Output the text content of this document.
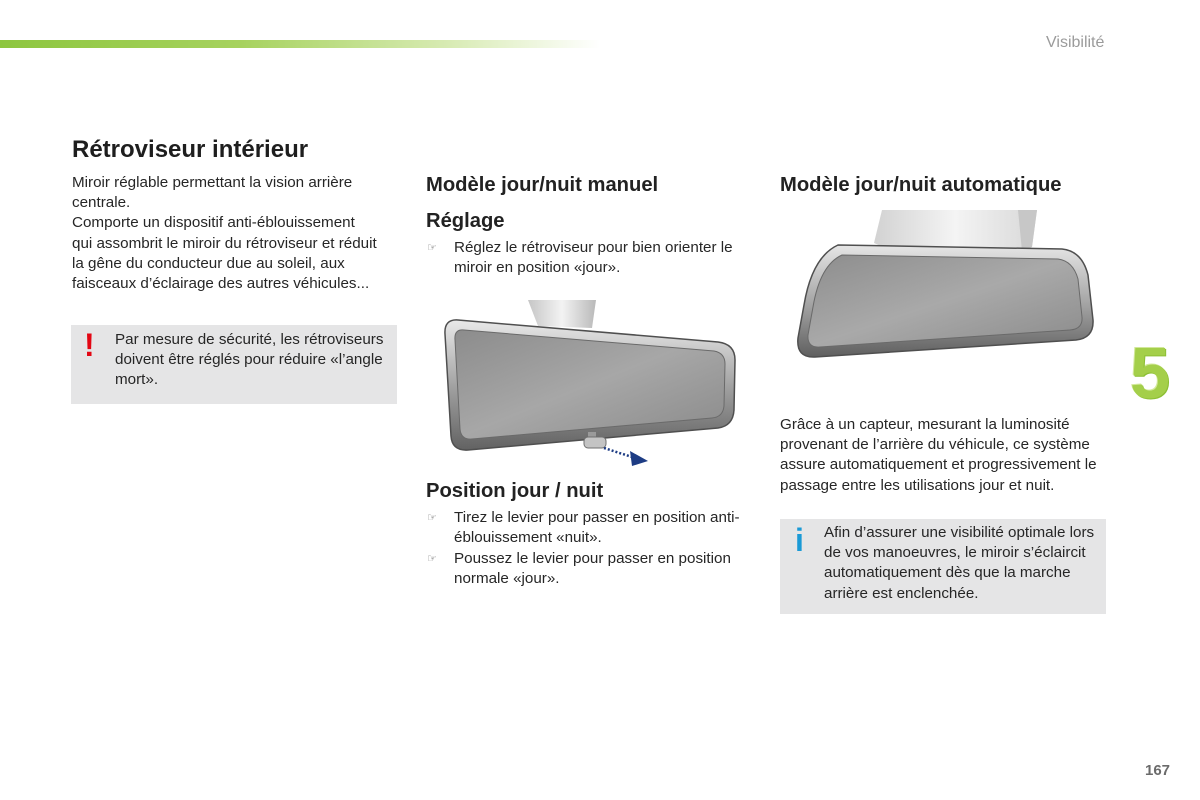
Visibilité
Rétroviseur intérieur
Miroir réglable permettant la vision arrière
centrale.
Comporte un dispositif anti-éblouissement
qui assombrit le miroir du rétroviseur et réduit
la gêne du conducteur due au soleil, aux
faisceaux d’éclairage des autres véhicules...
! Par mesure de sécurité, les rétroviseurs
doivent être réglés pour réduire «l’angle
mort».
Modèle jour/nuit manuel
Réglage
☞ Réglez le rétroviseur pour bien orienter le
miroir en position «jour».
Position jour / nuit
☞ Tirez le levier pour passer en position anti-
éblouissement «nuit».
☞ Poussez le levier pour passer en position
normale «jour».
Modèle jour/nuit automatique
Grâce à un capteur, mesurant la luminosité
provenant de l’arrière du véhicule, ce système
assure automatiquement et progressivement le
passage entre les utilisations jour et nuit.
i Afin d’assurer une visibilité optimale lors
de vos manoeuvres, le miroir s’éclaircit
automatiquement dès que la marche
arrière est enclenchée.
5
167
